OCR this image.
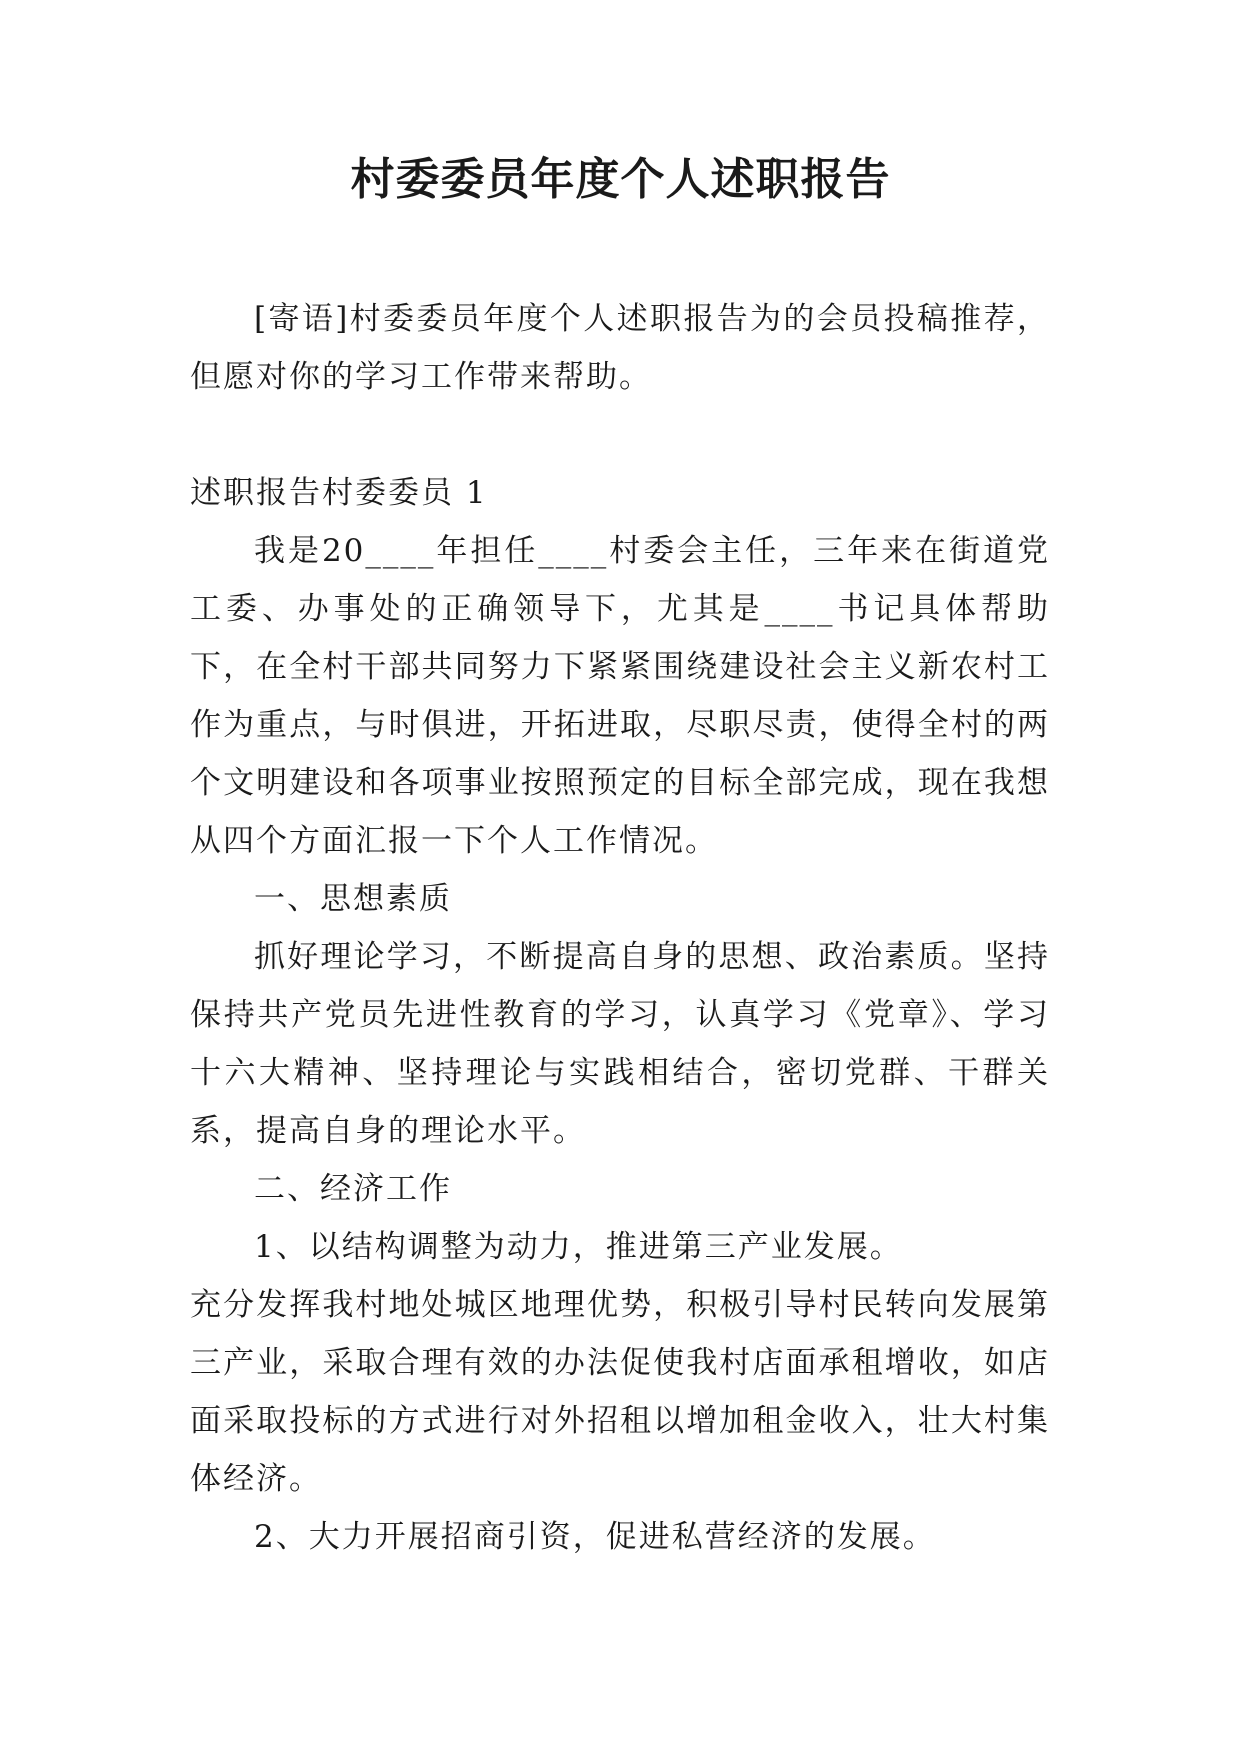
村委委员年度个人述职报告

[寄语]村委委员年度个人述职报告为的会员投稿推荐，但愿对你的学习工作带来帮助。

述职报告村委委员 1

我是20____年担任____村委会主任，三年来在街道党工委、办事处的正确领导下，尤其是____书记具体帮助下，在全村干部共同努力下紧紧围绕建设社会主义新农村工作为重点，与时俱进，开拓进取，尽职尽责，使得全村的两个文明建设和各项事业按照预定的目标全部完成，现在我想从四个方面汇报一下个人工作情况。

一、思想素质

抓好理论学习，不断提高自身的思想、政治素质。坚持保持共产党员先进性教育的学习，认真学习《党章》、学习十六大精神、坚持理论与实践相结合，密切党群、干群关系，提高自身的理论水平。

二、经济工作

1、以结构调整为动力，推进第三产业发展。

充分发挥我村地处城区地理优势，积极引导村民转向发展第三产业，采取合理有效的办法促使我村店面承租增收，如店面采取投标的方式进行对外招租以增加租金收入，壮大村集体经济。

2、大力开展招商引资，促进私营经济的发展。
